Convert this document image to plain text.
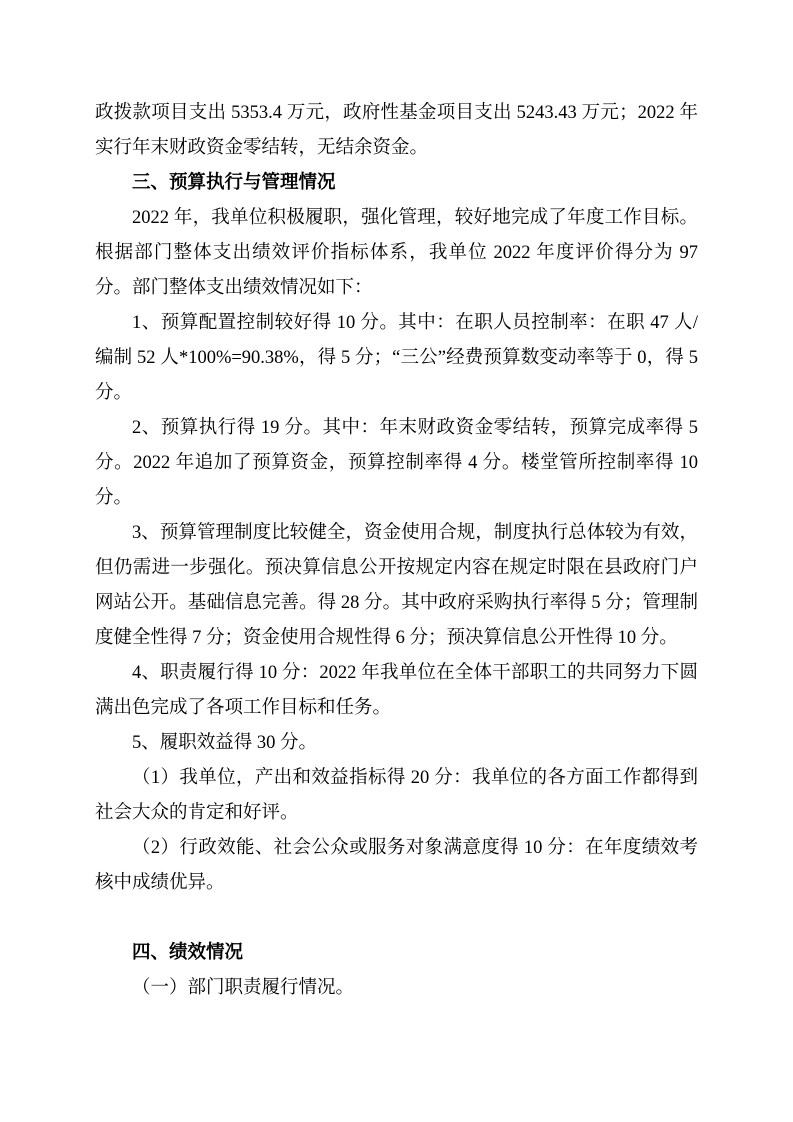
政拨款项目支出 5353.4 万元，政府性基金项目支出 5243.43 万元；2022 年实行年末财政资金零结转，无结余资金。

三、预算执行与管理情况

2022 年，我单位积极履职，强化管理，较好地完成了年度工作目标。根据部门整体支出绩效评价指标体系，我单位 2022 年度评价得分为 97 分。部门整体支出绩效情况如下：

1、预算配置控制较好得 10 分。其中：在职人员控制率：在职 47 人/编制 52 人*100%=90.38%，得 5 分；“三公”经费预算数变动率等于 0，得 5 分。

2、预算执行得 19 分。其中：年末财政资金零结转，预算完成率得 5 分。2022 年追加了预算资金，预算控制率得 4 分。楼堂管所控制率得 10 分。

3、预算管理制度比较健全，资金使用合规，制度执行总体较为有效，但仍需进一步强化。预决算信息公开按规定内容在规定时限在县政府门户网站公开。基础信息完善。得 28 分。其中政府采购执行率得 5 分；管理制度健全性得 7 分；资金使用合规性得 6 分；预决算信息公开性得 10 分。

4、职责履行得 10 分：2022 年我单位在全体干部职工的共同努力下圆满出色完成了各项工作目标和任务。

5、履职效益得 30 分。

（1）我单位，产出和效益指标得 20 分：我单位的各方面工作都得到社会大众的肯定和好评。

（2）行政效能、社会公众或服务对象满意度得 10 分：在年度绩效考核中成绩优异。

四、绩效情况

（一）部门职责履行情况。
